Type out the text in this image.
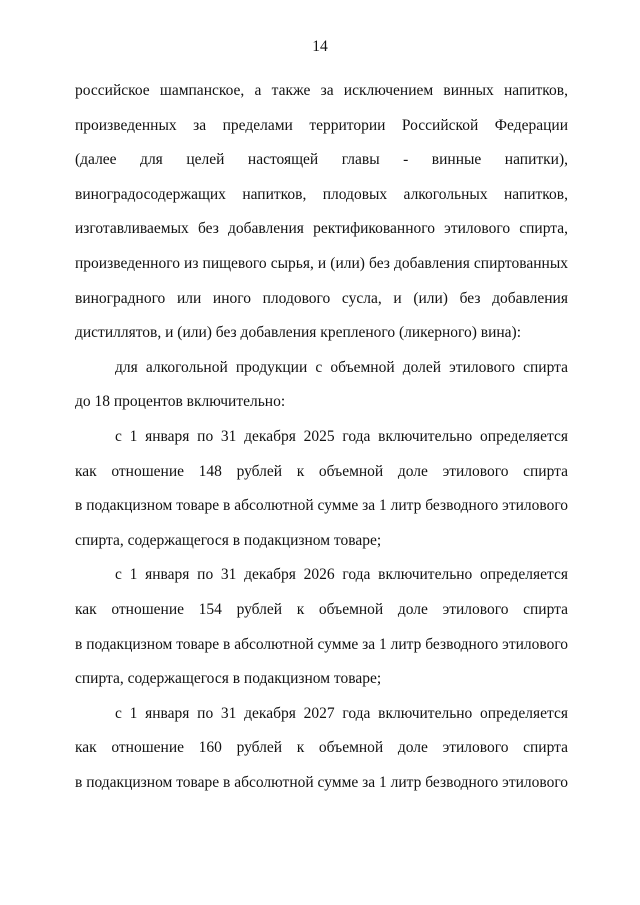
14
российское шампанское, а также за исключением винных напитков,
произведенных за пределами территории Российской Федерации
(далее для целей настоящей главы - винные напитки),
виноградосодержащих напитков, плодовых алкогольных напитков,
изготавливаемых без добавления ректификованного этилового спирта,
произведенного из пищевого сырья, и (или) без добавления спиртованных
виноградного или иного плодового сусла, и (или) без добавления
дистиллятов, и (или) без добавления крепленого (ликерного) вина):
для алкогольной продукции с объемной долей этилового спирта
до 18 процентов включительно:
с 1 января по 31 декабря 2025 года включительно определяется
как отношение 148 рублей к объемной доле этилового спирта
в подакцизном товаре в абсолютной сумме за 1 литр безводного этилового
спирта, содержащегося в подакцизном товаре;
с 1 января по 31 декабря 2026 года включительно определяется
как отношение 154 рублей к объемной доле этилового спирта
в подакцизном товаре в абсолютной сумме за 1 литр безводного этилового
спирта, содержащегося в подакцизном товаре;
с 1 января по 31 декабря 2027 года включительно определяется
как отношение 160 рублей к объемной доле этилового спирта
в подакцизном товаре в абсолютной сумме за 1 литр безводного этилового
